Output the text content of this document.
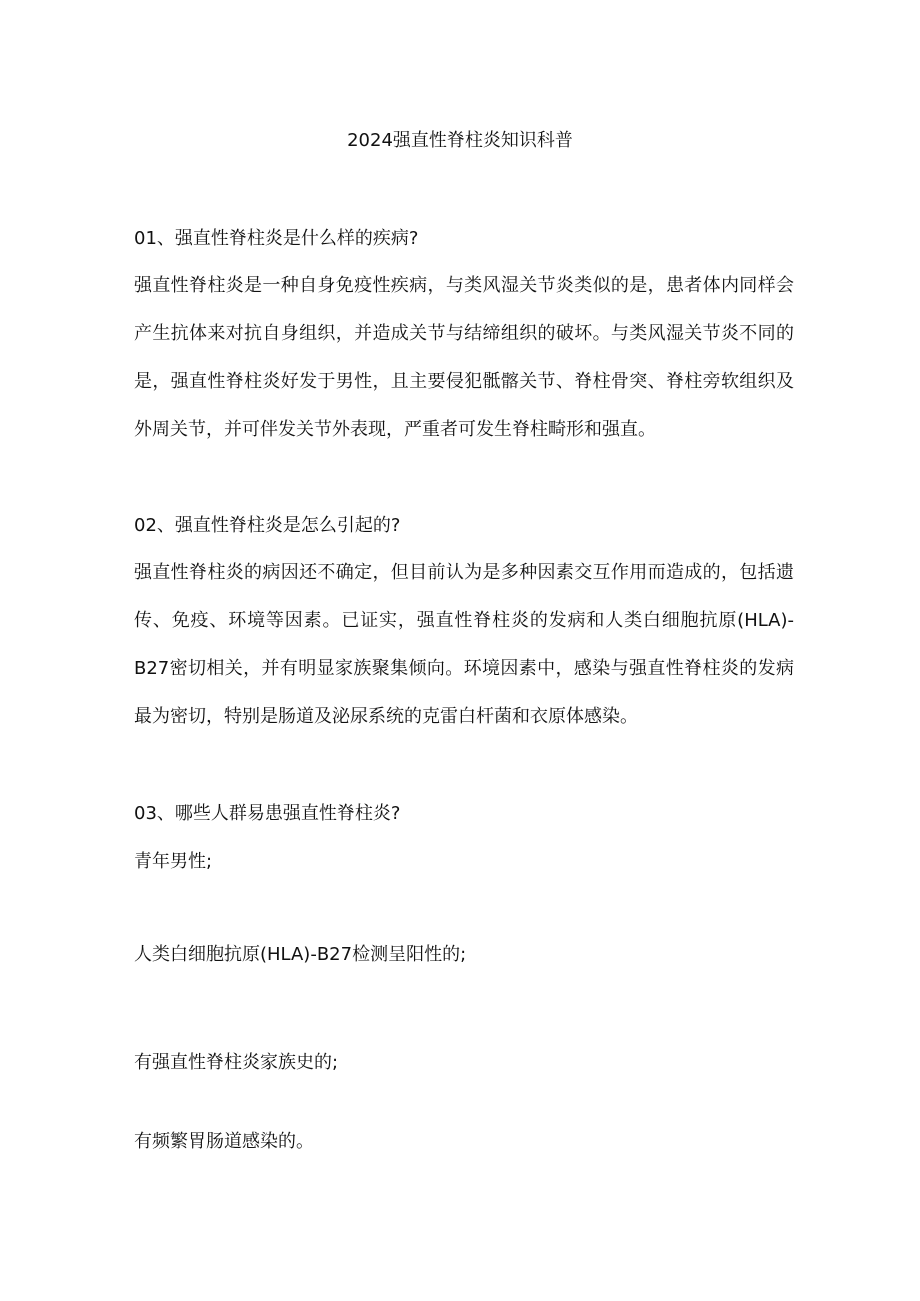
2024强直性脊柱炎知识科普
01、强直性脊柱炎是什么样的疾病?
强直性脊柱炎是一种自身免疫性疾病，与类风湿关节炎类似的是，患者体内同样会产生抗体来对抗自身组织，并造成关节与结缔组织的破坏。与类风湿关节炎不同的是，强直性脊柱炎好发于男性，且主要侵犯骶髂关节、脊柱骨突、脊柱旁软组织及外周关节，并可伴发关节外表现，严重者可发生脊柱畸形和强直。
02、强直性脊柱炎是怎么引起的?
强直性脊柱炎的病因还不确定，但目前认为是多种因素交互作用而造成的，包括遗传、免疫、环境等因素。已证实，强直性脊柱炎的发病和人类白细胞抗原(HLA)-B27密切相关，并有明显家族聚集倾向。环境因素中，感染与强直性脊柱炎的发病最为密切，特别是肠道及泌尿系统的克雷白杆菌和衣原体感染。
03、哪些人群易患强直性脊柱炎?
青年男性;
人类白细胞抗原(HLA)-B27检测呈阳性的;
有强直性脊柱炎家族史的;
有频繁胃肠道感染的。
